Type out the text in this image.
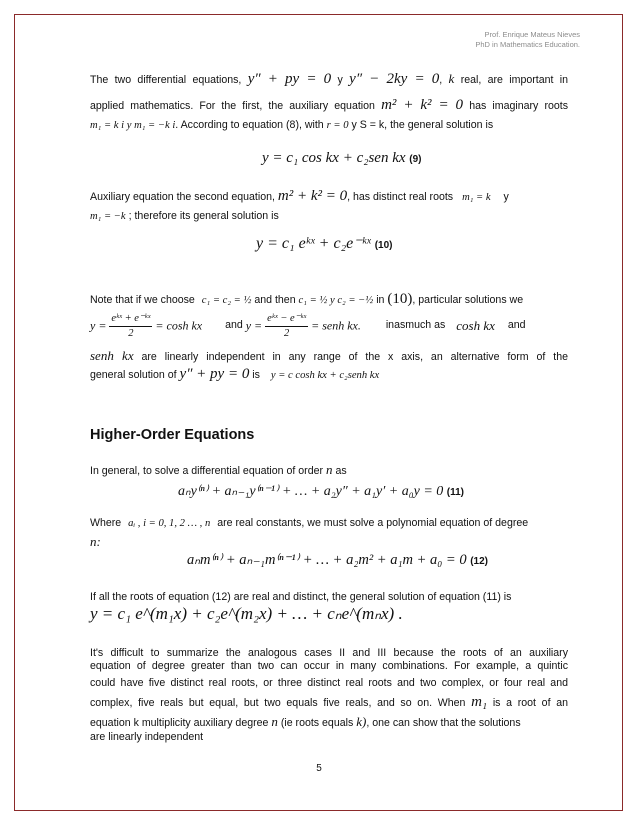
Prof. Enrique Mateus Nieves
PhD in Mathematics Education.
The two differential equations, y″ + py = 0 y y″ − 2ky = 0, k real, are important in
applied mathematics. For the first, the auxiliary equation m² + k² = 0 has imaginary roots
m₁ = k i y m₁ = −k i. According to equation (8), with r = 0 y S = k, the general solution is
y = c₁ cos kx + c₂sen kx (9)
Auxiliary equation the second equation, m² + k² = 0, has distinct real roots m₁ = k y
m₁ = −k ; therefore its general solution is
y = c₁ eᵏˣ + c₂e⁻ᵏˣ (10)
Note that if we choose c₁ = c₂ = ½ and then c₁ = ½ y c₂ = −½ in (10), particular solutions we
$y = \frac{\text{eᵏˣ + e⁻ᵏˣ}}{2} = \cosh$ kx and $y = \frac{\text{eᵏˣ − e⁻ᵏˣ}}{2}$ = senh kx. inasmuch as cosh kx and
senh kx are linearly independent in any range of the x axis, an alternative form of the
general solution of y″ + py = 0 is y = c cosh kx + c₂senh kx
Higher-Order Equations
In general, to solve a differential equation of order n as
aₙy⁽ⁿ⁾ + aₙ₋₁y⁽ⁿ⁻¹⁾ + … + a₂y″ + a₁y′ + a₀y = 0 (11)
Where aᵢ , i = 0, 1, 2 … , n are real constants, we must solve a polynomial equation of degree
n:
aₙm⁽ⁿ⁾ + aₙ₋₁m⁽ⁿ⁻¹⁾ + … + a₂m² + a₁m + a₀ = 0 (12)
If all the roots of equation (12) are real and distinct, the general solution of equation (11) is
y = c₁ e^(m₁x) + c₂e^(m₂x) + … + cₙe^(mₙx) .
It's difficult to summarize the analogous cases II and III because the roots of an auxiliary
equation of degree greater than two can occur in many combinations. For example, a quintic
could have five distinct real roots, or three distinct real roots and two complex, or four real and
complex, five reals but equal, but two equals five reals, and so on. When m₁ is a root of an
equation k multiplicity auxiliary degree n (ie roots equals k), one can show that the solutions
are linearly independent
5
